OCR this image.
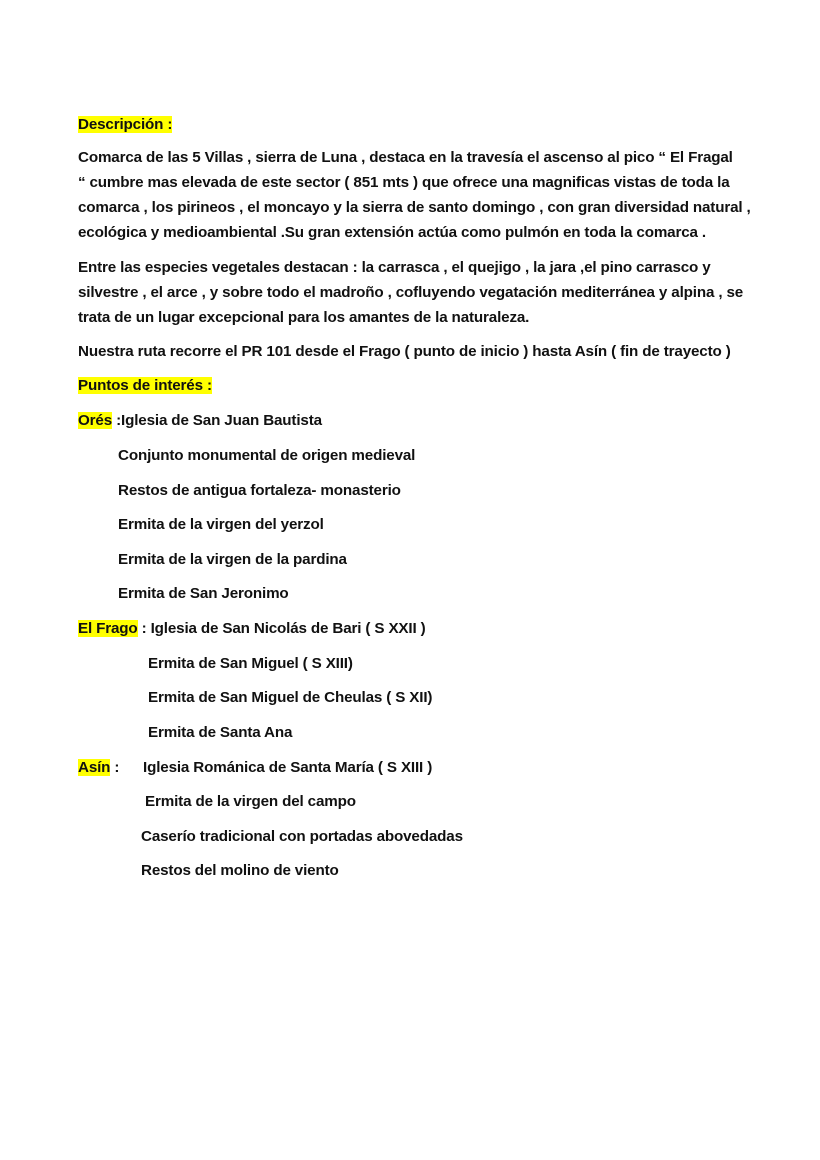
Descripción :
Comarca de las 5 Villas , sierra de Luna , destaca en la travesía el ascenso al pico “ El Fragal
“ cumbre mas elevada de este sector ( 851 mts ) que ofrece una magnificas vistas de toda la
comarca , los pirineos , el moncayo y la sierra de santo domingo , con gran diversidad natural ,
ecológica y medioambiental .Su gran extensión actúa como pulmón en toda la comarca .
Entre las especies vegetales destacan : la carrasca , el quejigo , la jara ,el pino carrasco y
silvestre , el arce , y sobre todo el madroño , cofluyendo vegatación mediterránea y alpina , se
trata de un lugar excepcional para los amantes de la naturaleza.
Nuestra ruta recorre el PR 101 desde el Frago ( punto de inicio ) hasta Asín ( fin de trayecto )
Puntos de interés :
Orés :Iglesia de San Juan Bautista
Conjunto monumental de origen medieval
Restos de antigua fortaleza- monasterio
Ermita de la virgen del yerzol
Ermita de la virgen de la pardina
Ermita de San Jeronimo
El Frago : Iglesia de San Nicolás de Bari ( S XXII )
Ermita de San Miguel ( S XIII)
Ermita de San Miguel de Cheulas ( S XII)
Ermita de Santa Ana
Asín : Iglesia Románica de Santa María ( S XIII )
Ermita de la virgen del campo
Caserío tradicional con portadas abovedadas
Restos del molino de viento
